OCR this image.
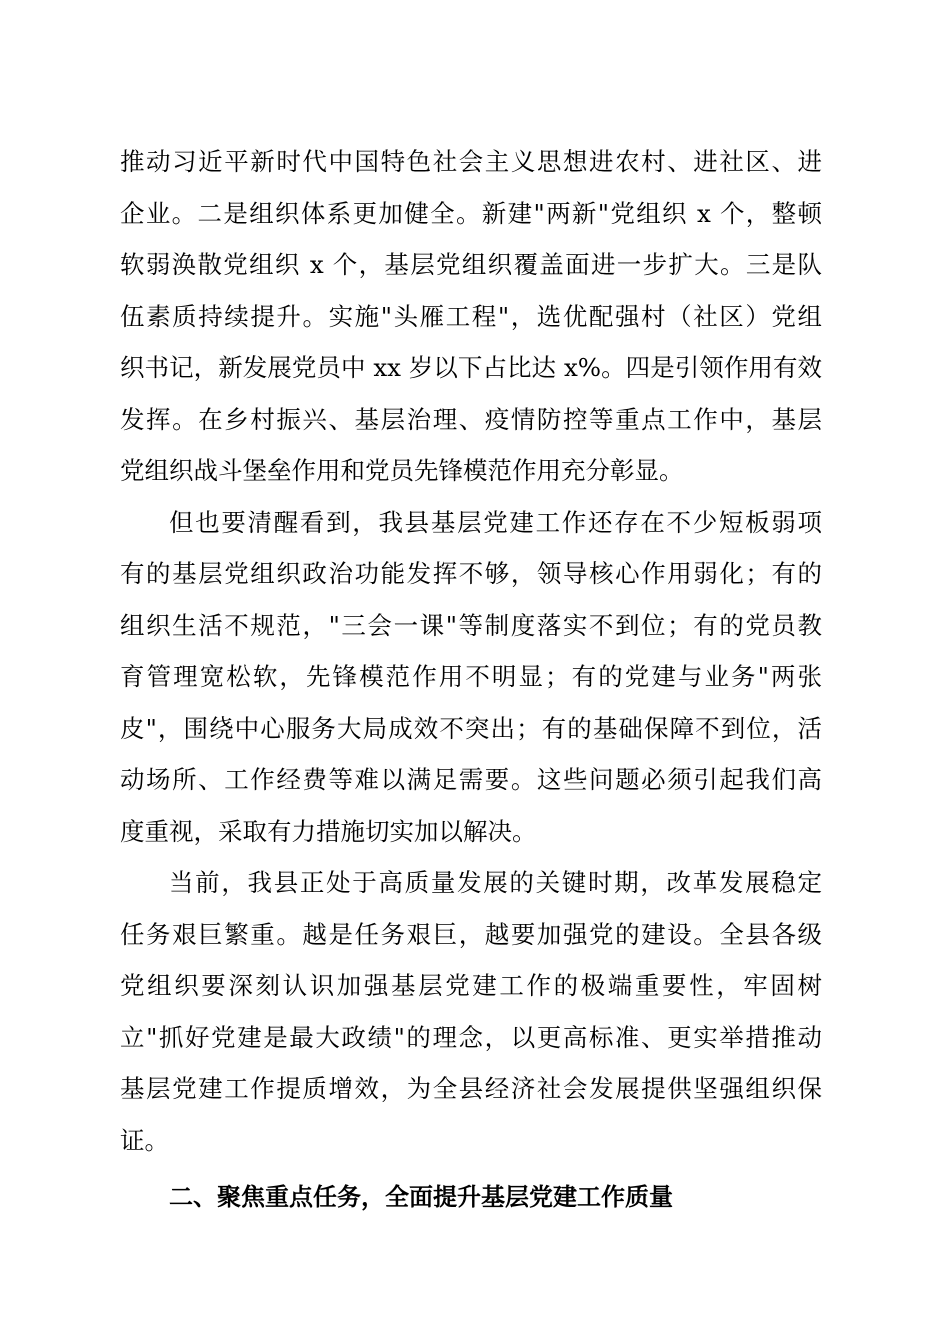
推动习近平新时代中国特色社会主义思想进农村、进社区、进
企业。二是组织体系更加健全。新建"两新"党组织 x 个，整顿
软弱涣散党组织 x 个，基层党组织覆盖面进一步扩大。三是队
伍素质持续提升。实施"头雁工程"，选优配强村（社区）党组
织书记，新发展党员中 xx 岁以下占比达 x%。四是引领作用有效
发挥。在乡村振兴、基层治理、疫情防控等重点工作中，基层
党组织战斗堡垒作用和党员先锋模范作用充分彰显。
但也要清醒看到，我县基层党建工作还存在不少短板弱项
有的基层党组织政治功能发挥不够，领导核心作用弱化；有的
组织生活不规范，"三会一课"等制度落实不到位；有的党员教
育管理宽松软，先锋模范作用不明显；有的党建与业务"两张
皮"，围绕中心服务大局成效不突出；有的基础保障不到位，活
动场所、工作经费等难以满足需要。这些问题必须引起我们高
度重视，采取有力措施切实加以解决。
当前，我县正处于高质量发展的关键时期，改革发展稳定
任务艰巨繁重。越是任务艰巨，越要加强党的建设。全县各级
党组织要深刻认识加强基层党建工作的极端重要性，牢固树
立"抓好党建是最大政绩"的理念，以更高标准、更实举措推动
基层党建工作提质增效，为全县经济社会发展提供坚强组织保
证。
二、聚焦重点任务，全面提升基层党建工作质量
